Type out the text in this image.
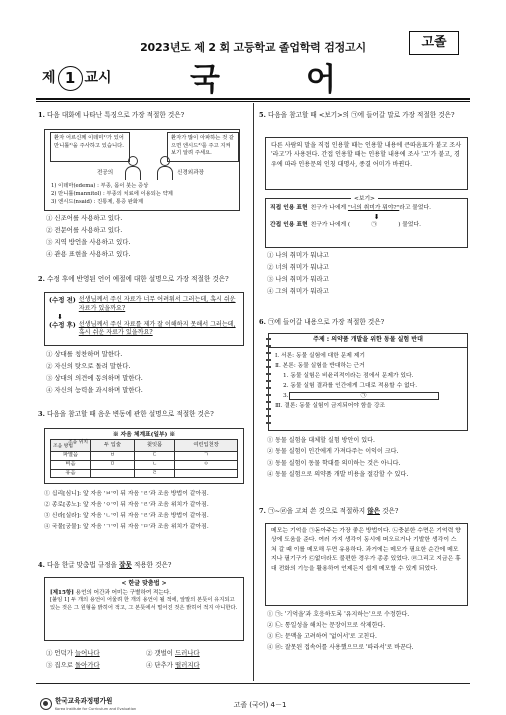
2023년도 제 2 회 고등학교 졸업학력 검정고시	고졸
제 1 교시	국어
1. 다음 대화에 나타난 특징으로 가장 적절한 것은?
환자 어르신께 이데미¹⁾가 있어 만니톨²⁾을 주사하고 있습니다.
환자가 많이 아파하는 것 같으면 엔시드³⁾를 주고 지켜보기 알려 주세요.
전공의	신경외과장
1) 이데마(edema) : 부종, 몸이 붓는 증상
2) 만니톨(mannitol) : 부종의 치료에 이용되는 약제
3) 엔시드(nsaid) : 진통제, 통증 완화제
① 신조어를 사용하고 있다.
② 전문어를 사용하고 있다.
③ 지역 방언을 사용하고 있다.
④ 관용 표현을 사용하고 있다.
2. 수정 후에 반영된 언어 예절에 대한 설명으로 가장 적절한 것은?
(수정 전) 선생님께서 주신 자료가 너무 어려워서 그러는데, 혹시 쉬운 자료가 있을까요?
⬇
(수정 후) 선생님께서 주신 자료를 제가 잘 이해하지 못해서 그러는데, 혹시 쉬운 자료가 있을까요?
① 상대를 칭찬하며 말한다.
② 자신의 탓으로 돌려 말한다.
③ 상대의 의견에 동의하며 말한다.
④ 자신의 능력을 과시하며 말한다.
3. 다음을 참고할 때 음운 변동에 관한 설명으로 적절한 것은?
※ 자음 체계표(일부) ※
조음 위치
조음 방법	두 입술	윗잇몸	여린입천장
파열음	ㅂ	ㄷ	ㄱ
비음	ㅁ	ㄴ	ㅇ
유음		ㄹ	
① 십리[심니]: 앞 자음 'ㅂ'이 뒤 자음 'ㄹ'과 조음 방법이 같아짐.
② 종로[종노]: 앞 자음 'ㅇ'이 뒤 자음 'ㄹ'과 조음 위치가 같아짐.
③ 신라[실라]: 앞 자음 'ㄴ'이 뒤 자음 'ㄹ'과 조음 방법이 같아짐.
④ 국물[궁물]: 앞 자음 'ㄱ'이 뒤 자음 'ㅁ'과 조음 위치가 같아짐.
4. 다음 한글 맞춤법 규정을 잘못 적용한 것은?
< 한글 맞춤법 >
[제15항] 용언의 어간과 어미는 구별하여 적는다.
[붙임 1] 두 개의 용언이 어울려 한 개의 용언이 될 적에, 앞말의 본뜻이 유지되고 있는 것은 그 원형을 밝히어 적고, 그 본뜻에서 멀어진 것은 밝히어 적지 아니한다.
① 언덕가 늘어나다	② 갯벌이 드러나다
③ 집으로 돌아가다	④ 단추가 떨러지다
5. 다음을 참고할 때 <보기>의 ㉠에 들어갈 말로 가장 적절한 것은?
다른 사람의 말을 직접 인용할 때는 인용할 내용에 큰따옴표가 붙고 조사 '라고'가 사용된다. 간접 인용할 때는 인용할 내용에 조사 '고'가 붙고, 경우에 따라 인용문의 인칭 대명사, 종결 어미가 바뀐다.
<보기>
직접 인용 표현 친구가 나에게 "너의 취미가 뭐야?"라고 물었다.
⬇
간접 인용 표현 친구가 나에게 (	㉠	) 물었다.
① 나의 취미가 뭐냐고
② 너의 취미가 뭐냐고
③ 나의 취미가 뭐라고
④ 그의 취미가 뭐라고
6. ㉠에 들어갈 내용으로 가장 적절한 것은?
주제 : 의약품 개발을 위한 동물 실험 반대
Ⅰ. 서론: 동물 실험에 대한 문제 제기
Ⅱ. 본론: 동물 실험을 반대하는 근거
1. 동물 실험은 비윤리적이라는 점에서 문제가 있다.
2. 동물 실험 결과를 인간에게 그대로 적용할 수 없다.
3.	㉠
Ⅲ. 결론: 동물 실험이 금지되어야 함을 강조
① 동물 실험을 대체할 실험 방안이 있다.
② 동물 실험이 인간에게 가져다주는 이익이 크다.
③ 동물 실험이 동물 학대를 의미하는 것은 아니다.
④ 동물 실험으로 의약품 개발 비용을 절감할 수 있다.
7. ㉠~㉣을 고쳐 쓴 것으로 적절하지 않은 것은?
메모는 기억을 ㉠돋아주는 가장 좋은 방법이다. ㉡충분한 수면은 기억력 향상에 도움을 준다. 여러 가지 생각이 동시에 떠오르거나 기발한 생각이 스쳐 갈 때 이를 메모해 두면 유용하다. 과거에는 메모가 필요한 순간에 메모지나 필기구가 ㉢없더라도 불편한 경우가 종종 있었다. ㉣그리고 지금은 휴대 전화의 기능을 활용하여 언제든지 쉽게 메모할 수 있게 되었다.
① ㉠: '기억을'과 호응하도록 '유지하는'으로 수정한다.
② ㉡: 통일성을 해치는 문장이므로 삭제한다.
③ ㉢: 문맥을 고려하여 '없어서'로 고친다.
④ ㉣: 잘못된 접속어를 사용했으므로 '따라서'로 바꾼다.
한국교육과정평가원
Korea Institute for Curriculum and Evaluation	고졸 (국어) 4－1
